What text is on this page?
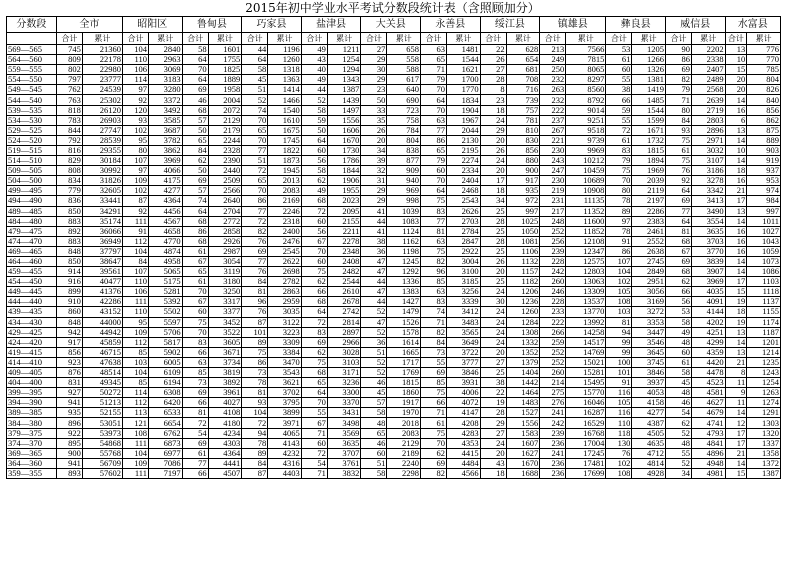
2015年初中学业水平考试分数段统计表（含照顾加分）
分数段	全市		昭阳区		鲁甸县		巧家县		盐津县		大关县		永善县		绥江县		镇雄县		彝良县		威信县		水富县	
	合计	累计	合计	累计	合计	累计	合计	累计	合计	累计	合计	累计	合计	累计	合计	累计	合计	累计	合计	累计	合计	累计	合计	累计
569—565	745	21360	104	2840	58	1601	44	1196	49	1211	27	658	63	1481	22	628	213	7566	53	1205	90	2202	13	776
564—560	809	22178	110	2963	64	1755	64	1260	43	1254	29	558	65	1544	26	654	249	7815	61	1266	86	2338	10	770
559—555	802	22980	106	3069	70	1825	58	1318	40	1294	30	588	71	1621	27	681	250	8065	60	1326	69	2407	15	785
554—550	797	23777	114	3183	64	1889	45	1363	49	1343	29	617	79	1700	28	708	232	8297	55	1381	82	2489	20	804
549—545	762	24539	97	3280	69	1958	51	1414	44	1387	23	640	70	1770	8	716	263	8560	38	1419	79	2568	20	826
544—540	763	25302	92	3372	46	2004	52	1466	52	1439	50	690	64	1834	23	739	232	8792	66	1485	71	2639	14	840
539—535	818	26120	120	3492	68	2072	74	1540	58	1497	33	723	70	1904	18	757	222	9014	59	1544	80	2719	16	856
534—530	783	26903	93	3585	57	2129	70	1610	59	1556	35	758	63	1967	24	781	237	9251	55	1599	84	2803	6	862
529—525	844	27747	102	3687	50	2179	65	1675	50	1606	26	784	77	2044	29	810	267	9518	72	1671	93	2896	13	875
524—520	792	28539	95	3782	65	2244	70	1745	64	1670	20	804	86	2130	20	830	221	9739	61	1732	75	2971	14	889
519—515	816	29355	80	3862	84	2328	77	1822	60	1730	34	838	65	2195	26	856	230	9969	83	1815	61	3032	10	903
514—510	829	30184	107	3969	62	2390	51	1873	56	1786	39	877	79	2274	24	880	243	10212	79	1894	75	3107	14	919
509—505	808	30992	97	4066	50	2440	72	1945	58	1844	32	909	60	2334	20	900	247	10459	75	1969	76	3186	18	937
504—500	834	31826	109	4175	69	2509	65	2013	62	1906	31	940	70	2404	17	917	230	10689	70	2039	92	3278	16	953
499—495	779	32605	102	4277	57	2566	70	2083	49	1955	29	969	64	2468	18	935	219	10908	80	2119	64	3342	21	974
494—490	836	33441	87	4364	74	2640	86	2169	68	2023	29	998	75	2543	34	972	231	11135	78	2197	69	3413	17	984
489—485	850	34291	92	4456	64	2704	77	2246	72	2095	41	1039	83	2626	25	997	217	11352	89	2286	77	3490	13	997
484—480	883	35174	111	4567	68	2772	72	2318	60	2155	44	1083	77	2703	28	1025	248	11600	97	2383	64	3554	14	1011
479—475	892	36066	91	4658	86	2858	82	2400	56	2211	41	1124	81	2784	25	1050	252	11852	78	2461	81	3635	16	1027
474—470	883	36949	112	4770	68	2926	76	2476	67	2278	38	1162	63	2847	28	1081	256	12108	91	2552	68	3703	16	1043
469—465	848	37797	104	4874	61	2987	69	2545	70	2348	36	1198	75	2922	25	1106	239	12347	86	2638	67	3770	16	1059
464—460	850	38647	84	4958	67	3054	77	2622	60	2408	47	1245	82	3004	26	1132	228	12575	107	2745	69	3839	14	1073
459—455	914	39561	107	5065	65	3119	76	2698	75	2482	47	1292	96	3100	20	1157	242	12803	104	2849	68	3907	14	1086
454—450	916	40477	110	5175	61	3180	84	2782	62	2544	44	1336	85	3185	25	1182	260	13063	102	2951	62	3969	17	1103
449—445	899	41376	106	5281	70	3250	81	2863	66	2610	47	1383	63	3256	24	1206	246	13309	105	3056	66	4035	15	1118
444—440	910	42286	111	5392	67	3317	96	2959	68	2678	44	1427	83	3339	30	1236	228	13537	108	3169	56	4091	19	1137
439—435	860	43152	110	5502	60	3377	76	3035	64	2742	52	1479	74	3412	24	1260	233	13770	103	3272	53	4144	18	1155
434—430	848	44000	95	5597	75	3452	87	3122	72	2814	47	1526	71	3483	24	1284	222	13992	81	3353	58	4202	19	1174
429—425	942	44942	109	5706	70	3522	101	3223	83	2897	52	1578	82	3565	24	1308	266	14258	94	3447	49	4251	13	1187
424—420	917	45859	112	5817	83	3605	89	3309	69	2966	36	1614	84	3649	24	1332	259	14517	99	3546	48	4299	14	1201
419—415	856	46715	85	5902	66	3671	75	3384	62	3028	51	1665	73	3722	20	1352	252	14769	99	3645	60	4359	13	1214
414—410	923	47638	103	6005	63	3734	86	3470	75	3103	52	1717	55	3777	27	1379	252	15021	100	3745	61	4420	21	1235
409—405	876	48514	104	6109	85	3819	73	3543	68	3171	52	1769	69	3846	25	1404	260	15281	101	3846	58	4478	8	1243
404—400	831	49345	85	6194	73	3892	78	3621	65	3236	46	1815	85	3931	38	1442	214	15495	91	3937	45	4523	11	1254
399—395	927	50272	114	6308	69	3961	81	3702	64	3300	45	1860	75	4006	22	1464	275	15770	116	4053	48	4581	9	1263
394—390	941	51213	112	6420	66	4027	93	3795	70	3370	57	1917	66	4072	19	1483	276	16046	105	4158	46	4627	11	1274
389—385	935	52155	113	6533	81	4108	104	3899	55	3431	58	1970	71	4147	28	1527	241	16287	116	4277	54	4679	14	1291
384—380	896	53051	121	6654	72	4180	72	3971	67	3498	48	2018	61	4208	29	1556	242	16529	110	4387	62	4741	12	1303
379—375	922	53973	108	6762	54	4234	94	4065	71	3569	65	2083	75	4283	27	1583	239	16768	118	4505	52	4793	17	1320
374—370	895	54868	111	6873	69	4303	78	4143	60	3635	46	2129	70	4353	24	1607	236	17004	130	4635	48	4841	17	1337
369—365	900	55768	104	6977	61	4364	89	4232	72	3707	60	2189	62	4415	20	1627	241	17245	76	4712	55	4896	21	1358
364—360	941	56709	109	7086	77	4441	84	4316	54	3761	51	2240	69	4484	43	1670	236	17481	102	4814	52	4948	14	1372
359—355	893	57602	111	7197	66	4507	87	4403	71	3832	58	2298	82	4566	18	1688	236	17699	108	4928	34	4981	15	1387
